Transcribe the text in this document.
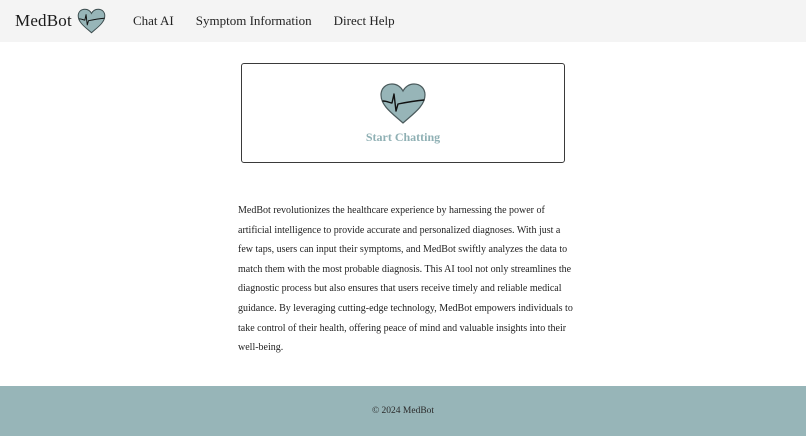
MedBot	Chat AI Symptom Information Direct Help
Start Chatting

MedBot revolutionizes the healthcare experience by harnessing the power of artificial intelligence to provide accurate and personalized diagnoses. With just a few taps, users can input their symptoms, and MedBot swiftly analyzes the data to match them with the most probable diagnosis. This AI tool not only streamlines the diagnostic process but also ensures that users receive timely and reliable medical guidance. By leveraging cutting-edge technology, MedBot empowers individuals to take control of their health, offering peace of mind and valuable insights into their well-being.

© 2024 MedBot
